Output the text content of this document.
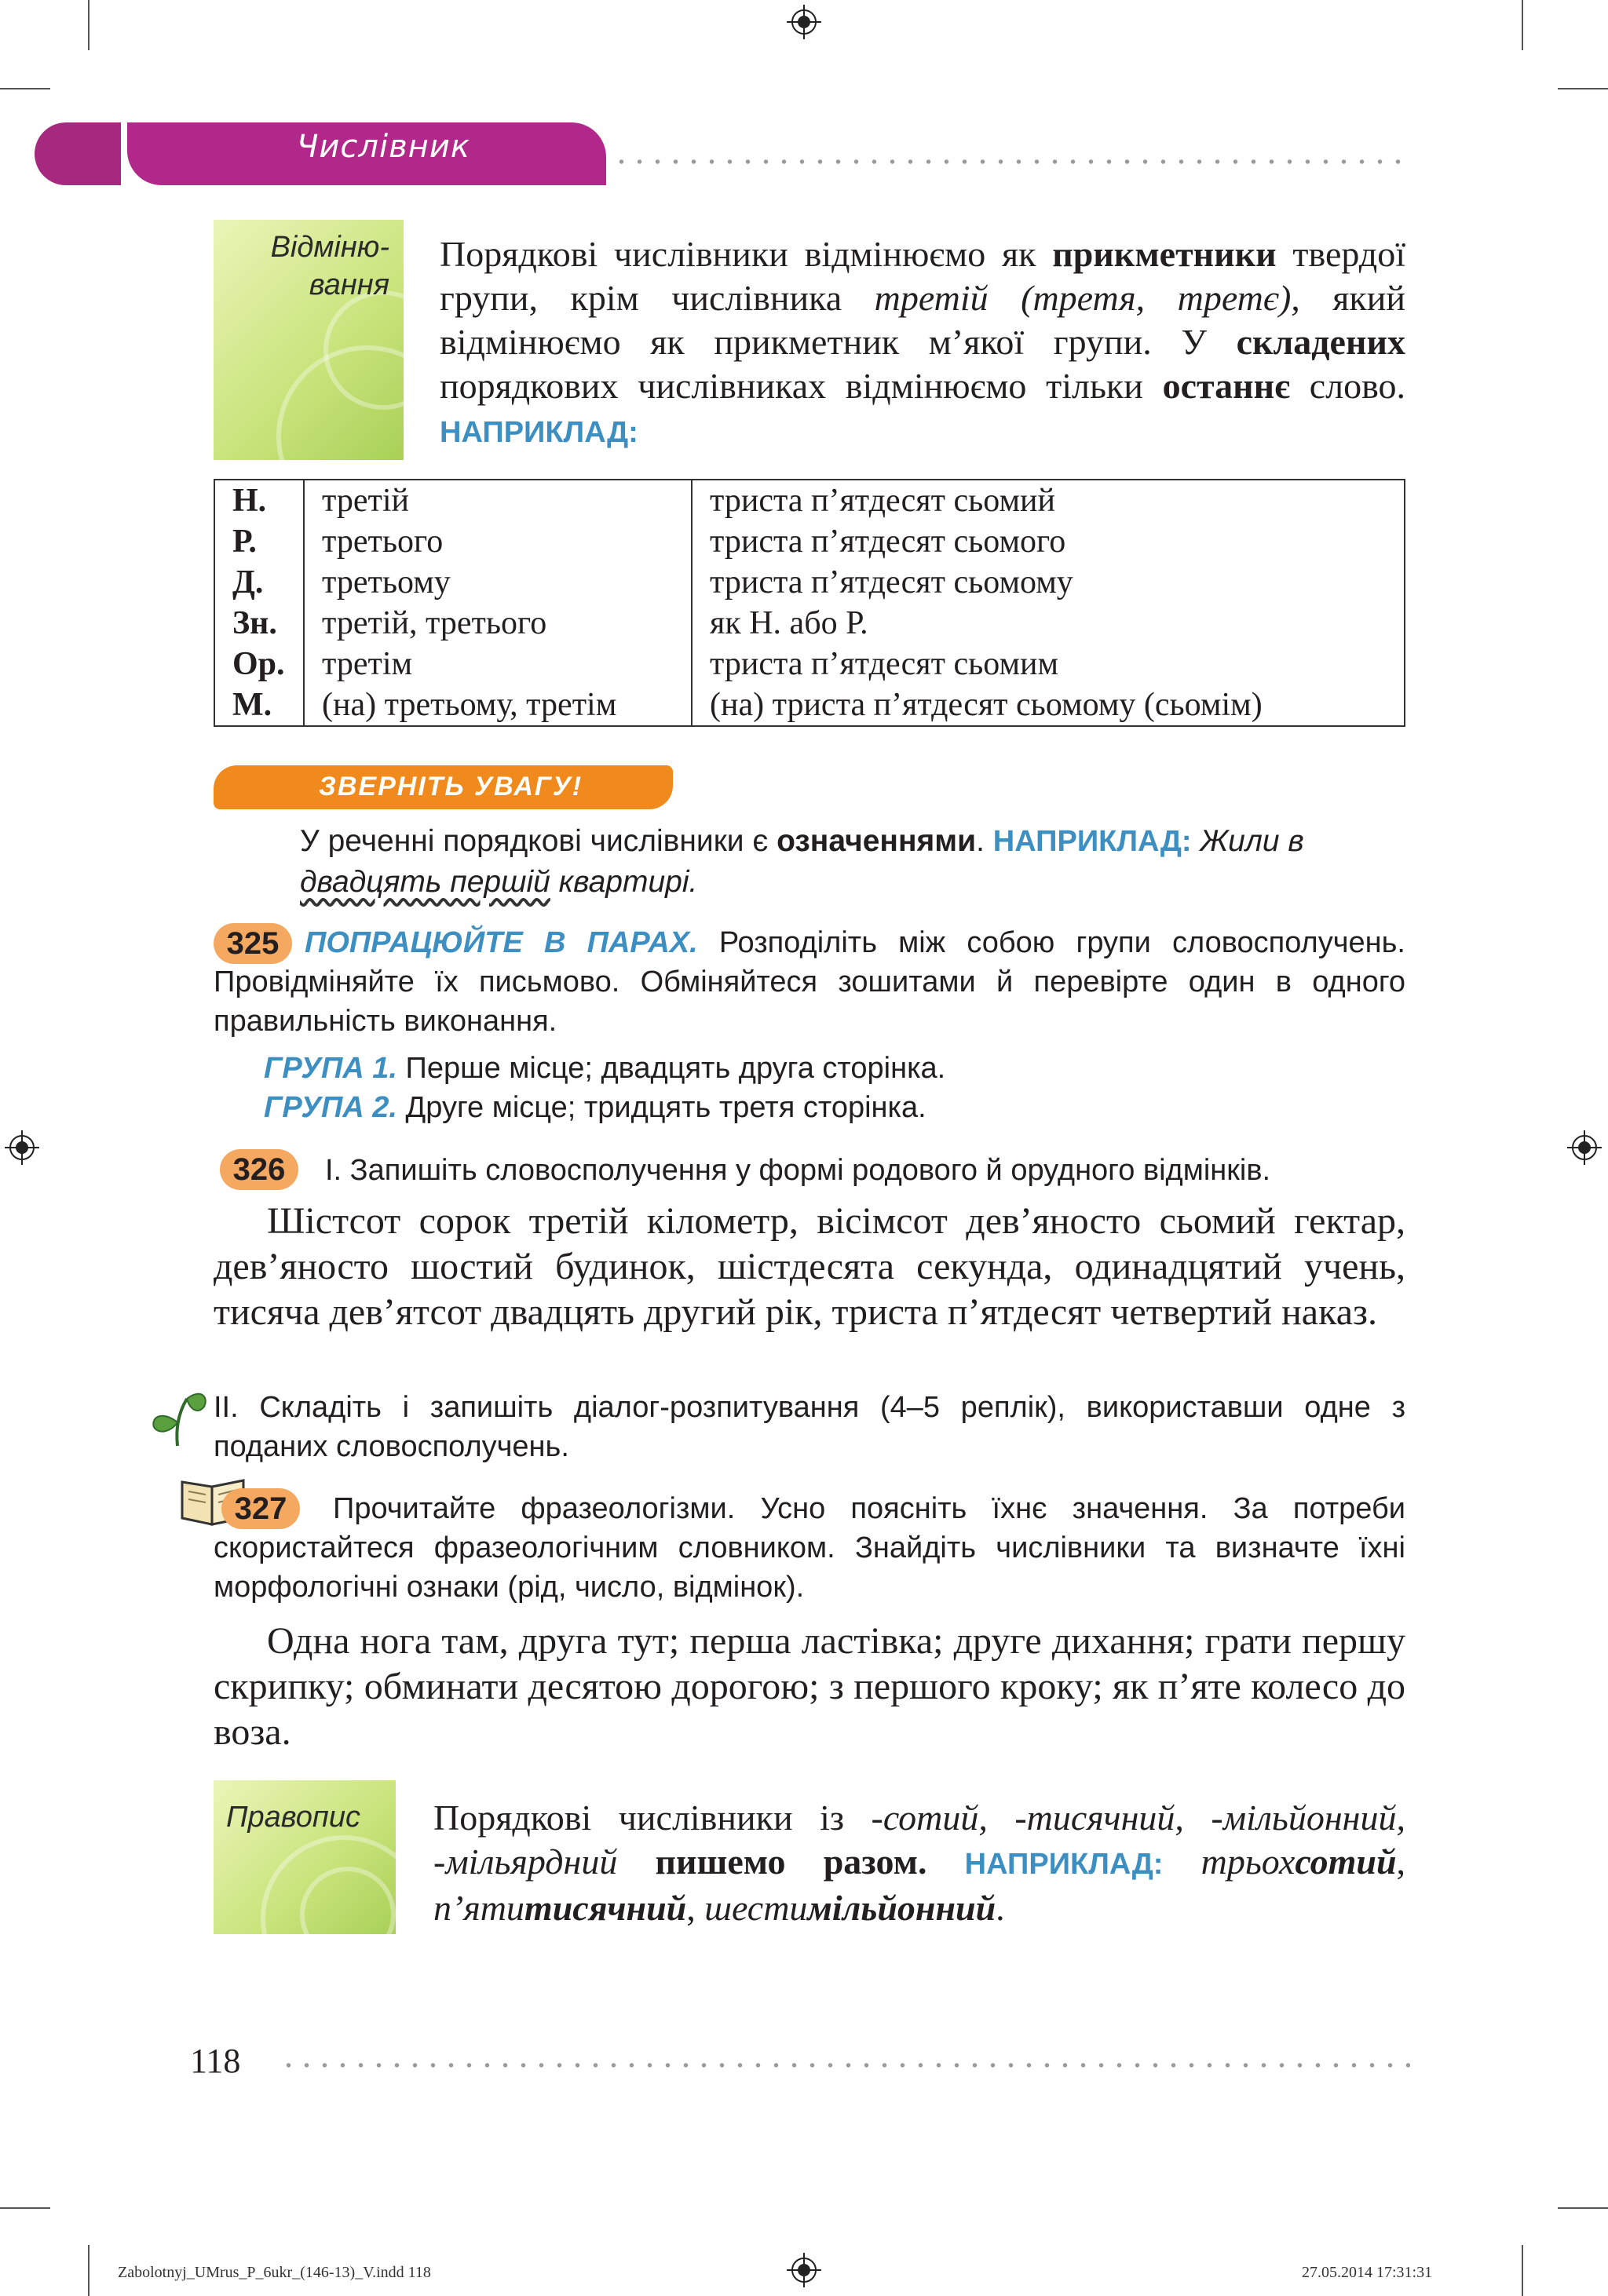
Числівник
Відміню-
вання
Порядкові числівники відмінюємо як прикметники твердої групи, крім числівника третій (третя, третє), який відмінюємо як прикметник м’якої групи. У складених порядкових числівниках відмінюємо тільки останнє слово. НАПРИКЛАД:
Н.	третій	триста п’ятдесят сьомий
Р.	третього	триста п’ятдесят сьомого
Д.	третьому	триста п’ятдесят сьомому
Зн.	третій, третього	як Н. або Р.
Ор.	третім	триста п’ятдесят сьомим
М.	(на) третьому, третім	(на) триста п’ятдесят сьомому (сьомім)
ЗВЕРНІТЬ УВАГУ!
У реченні порядкові числівники є означеннями. НАПРИКЛАД: Жили в двадцять першій квартирі.
325 ПОПРАЦЮЙТЕ В ПАРАХ. Розподіліть між собою групи словосполучень. Провідміняйте їх письмово. Обміняйтеся зошитами й перевірте один в одного правильність виконання.
ГРУПА 1. Перше місце; двадцять друга сторінка.
ГРУПА 2. Друге місце; тридцять третя сторінка.
326	І. Запишіть словосполучення у формі родового й орудного відмінків.
Шістсот сорок третій кілометр, вісімсот дев’яносто сьомий гектар, дев’яносто шостий будинок, шістдесята секунда, одинадцятий учень, тисяча дев’ятсот двадцять другий рік, триста п’ятдесят четвертий наказ.
ІІ. Складіть і запишіть діалог-розпитування (4–5 реплік), використавши одне з поданих словосполучень.
327	Прочитайте фразеологізми. Усно поясніть їхнє значення. За потреби скористайтеся фразеологічним словником. Знайдіть числівники та визначте їхні морфологічні ознаки (рід, число, відмінок).
Одна нога там, друга тут; перша ластівка; друге дихання; грати першу скрипку; обминати десятою дорогою; з першого кроку; як п’яте колесо до воза.
Правопис	Порядкові числівники із -сотий, -тисячний, -мільйонний, -мільярдний пишемо разом. НАПРИКЛАД: трьохсотий, п’ятитисячний, шестимільйонний.
118
Zabolotnyj_UMrus_P_6ukr_(146-13)_V.indd 118	27.05.2014 17:31:31
